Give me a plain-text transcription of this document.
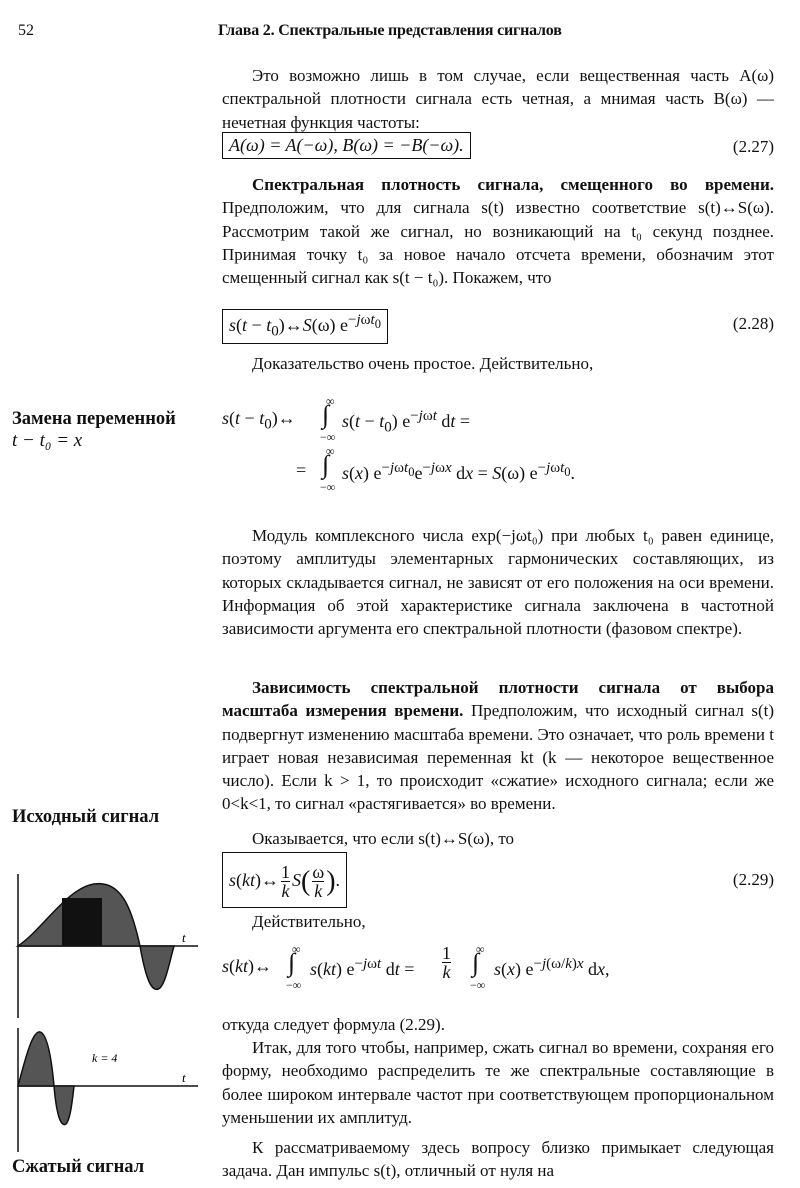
52	Глава 2. Спектральные представления сигналов
Это возможно лишь в том случае, если вещественная часть A(ω) спектральной плотности сигнала есть четная, а мнимая часть B(ω) — нечетная функция частоты:
A(ω) = A(−ω), B(ω) = −B(−ω).	(2.27)
Спектральная плотность сигнала, смещенного во времени. Предположим, что для сигнала s(t) известно соответствие s(t)↔S(ω). Рассмотрим такой же сигнал, но возникающий на t₀ секунд позднее. Принимая точку t₀ за новое начало отсчета времени, обозначим этот смещенный сигнал как s(t − t₀). Покажем, что
$s(t - t_0)\leftrightarrow S(\omega)$ $e^{-j\omega t_0}$	(2.28)
Доказательство очень простое. Действительно,
Замена переменной
t − t₀ = x
$s(t - t_0)\leftrightarrow$ ∫
∞
−∞
$s(t - t_0)$ $e^{-j\omega t}$ dt =
= ∫
∞
−∞
s(x) $e^{-j\omega t_0}e^{-j\omega x}$ dx = S(ω) $e^{-j\omega t_0}$.
Модуль комплексного числа exp(−jωt₀) при любых t₀ равен единице, поэтому амплитуды элементарных гармонических составляющих, из которых складывается сигнал, не зависят от его положения на оси времени. Информация об этой характеристике сигнала заключена в частотной зависимости аргумента его спектральной плотности (фазовом спектре).
Зависимость спектральной плотности сигнала от выбора масштаба измерения времени. Предположим, что исходный сигнал s(t) подвергнут изменению масштаба времени. Это означает, что роль времени t играет новая независимая переменная kt (k — некоторое вещественное число). Если k > 1, то происходит «сжатие» исходного сигнала; если же 0<k<1, то сигнал «растягивается» во времени.
Оказывается, что если s(t)↔S(ω), то
s(kt)↔ $\frac{1}{k} S( \frac{\omega}{k}$ ).	(2.29)
Действительно,
s(kt)↔ ∫
∞
−∞
s(kt) $e^{-j\omega t}$ dt = $\frac{1}{k}$ ∫
∞
−∞
s(x) $e^{-j(\omega/k)x}$ dx,
откуда следует формула (2.29).
Итак, для того чтобы, например, сжать сигнал во времени, сохраняя его форму, необходимо распределить те же спектральные составляющие в более широком интервале частот при соответствующем пропорциональном уменьшении их амплитуд.
К рассматриваемому здесь вопросу близко примыкает следующая задача. Дан импульс s(t), отличный от нуля на
Исходный сигнал
t
k = 4
t
Сжатый сигнал
